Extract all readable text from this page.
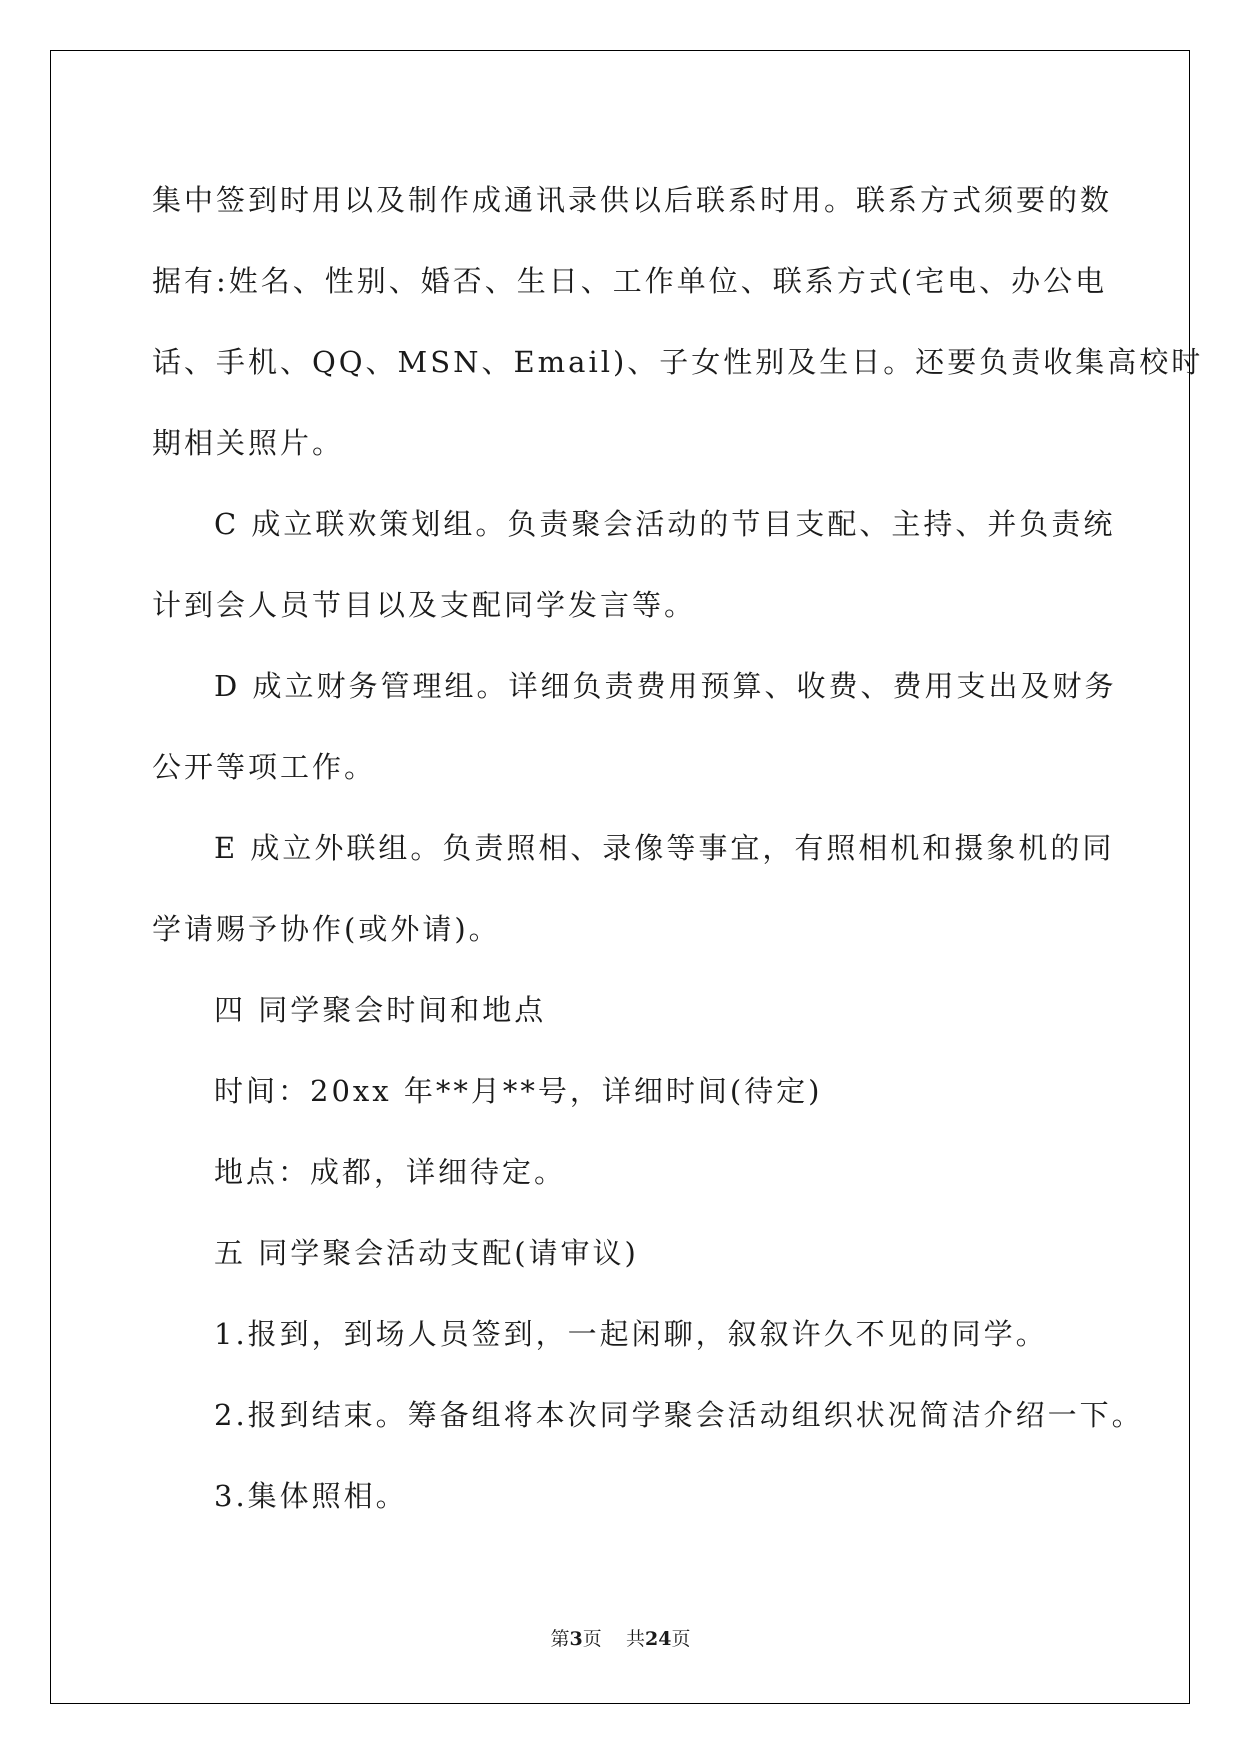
集中签到时用以及制作成通讯录供以后联系时用。联系方式须要的数

据有:姓名、性别、婚否、生日、工作单位、联系方式(宅电、办公电

话、手机、QQ、MSN、Email)、子女性别及生日。还要负责收集高校时

期相关照片。

C 成立联欢策划组。负责聚会活动的节目支配、主持、并负责统

计到会人员节目以及支配同学发言等。

D 成立财务管理组。详细负责费用预算、收费、费用支出及财务

公开等项工作。

E 成立外联组。负责照相、录像等事宜，有照相机和摄象机的同

学请赐予协作(或外请)。

四 同学聚会时间和地点

时间：20xx 年**月**号，详细时间(待定)

地点：成都，详细待定。

五 同学聚会活动支配(请审议)

1.报到，到场人员签到，一起闲聊，叙叙许久不见的同学。

2.报到结束。筹备组将本次同学聚会活动组织状况简洁介绍一下。

3.集体照相。

第3页 共24页
